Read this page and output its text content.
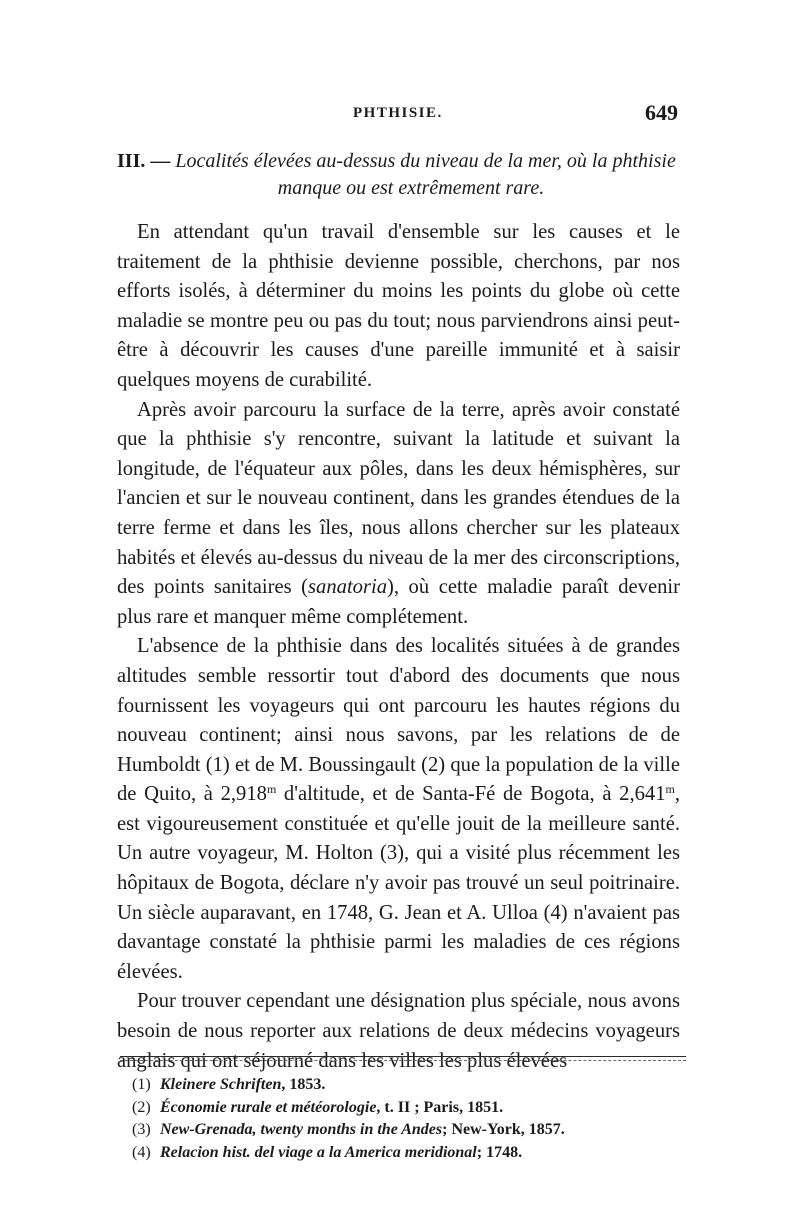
PHTHISIE.	649
III. — Localités élevées au-dessus du niveau de la mer, où la phthisie
manque ou est extrêmement rare.

En attendant qu'un travail d'ensemble sur les causes et le traitement de la phthisie devienne possible, cherchons, par nos efforts isolés, à déterminer du moins les points du globe où cette maladie se montre peu ou pas du tout; nous parviendrons ainsi peut-être à découvrir les causes d'une pareille immunité et à saisir quelques moyens de curabilité.

Après avoir parcouru la surface de la terre, après avoir constaté que la phthisie s'y rencontre, suivant la latitude et suivant la longitude, de l'équateur aux pôles, dans les deux hémisphères, sur l'ancien et sur le nouveau continent, dans les grandes étendues de la terre ferme et dans les îles, nous allons chercher sur les plateaux habités et élevés au-dessus du niveau de la mer des circonscriptions, des points sanitaires (sanatoria), où cette maladie paraît devenir plus rare et manquer même complétement.

L'absence de la phthisie dans des localités situées à de grandes altitudes semble ressortir tout d'abord des documents que nous fournissent les voyageurs qui ont parcouru les hautes régions du nouveau continent; ainsi nous savons, par les relations de de Humboldt (1) et de M. Boussingault (2) que la population de la ville de Quito, à 2,918$^m$ d'altitude, et de Santa-Fé de Bogota, à 2,641$^m$, est vigoureusement constituée et qu'elle jouit de la meilleure santé. Un autre voyageur, M. Holton (3), qui a visité plus récemment les hôpitaux de Bogota, déclare n'y avoir pas trouvé un seul poitrinaire. Un siècle auparavant, en 1748, G. Jean et A. Ulloa (4) n'avaient pas davantage constaté la phthisie parmi les maladies de ces régions élevées.

Pour trouver cependant une désignation plus spéciale, nous avons besoin de nous reporter aux relations de deux médecins voyageurs anglais qui ont séjourné dans les villes les plus élevées

(1) Kleinere Schriften, 1853.
(2) Économie rurale et météorologie, t. II ; Paris, 1851.
(3) New-Grenada, twenty months in the Andes; New-York, 1857.
(4) Relacion hist. del viage a la America meridional; 1748.
